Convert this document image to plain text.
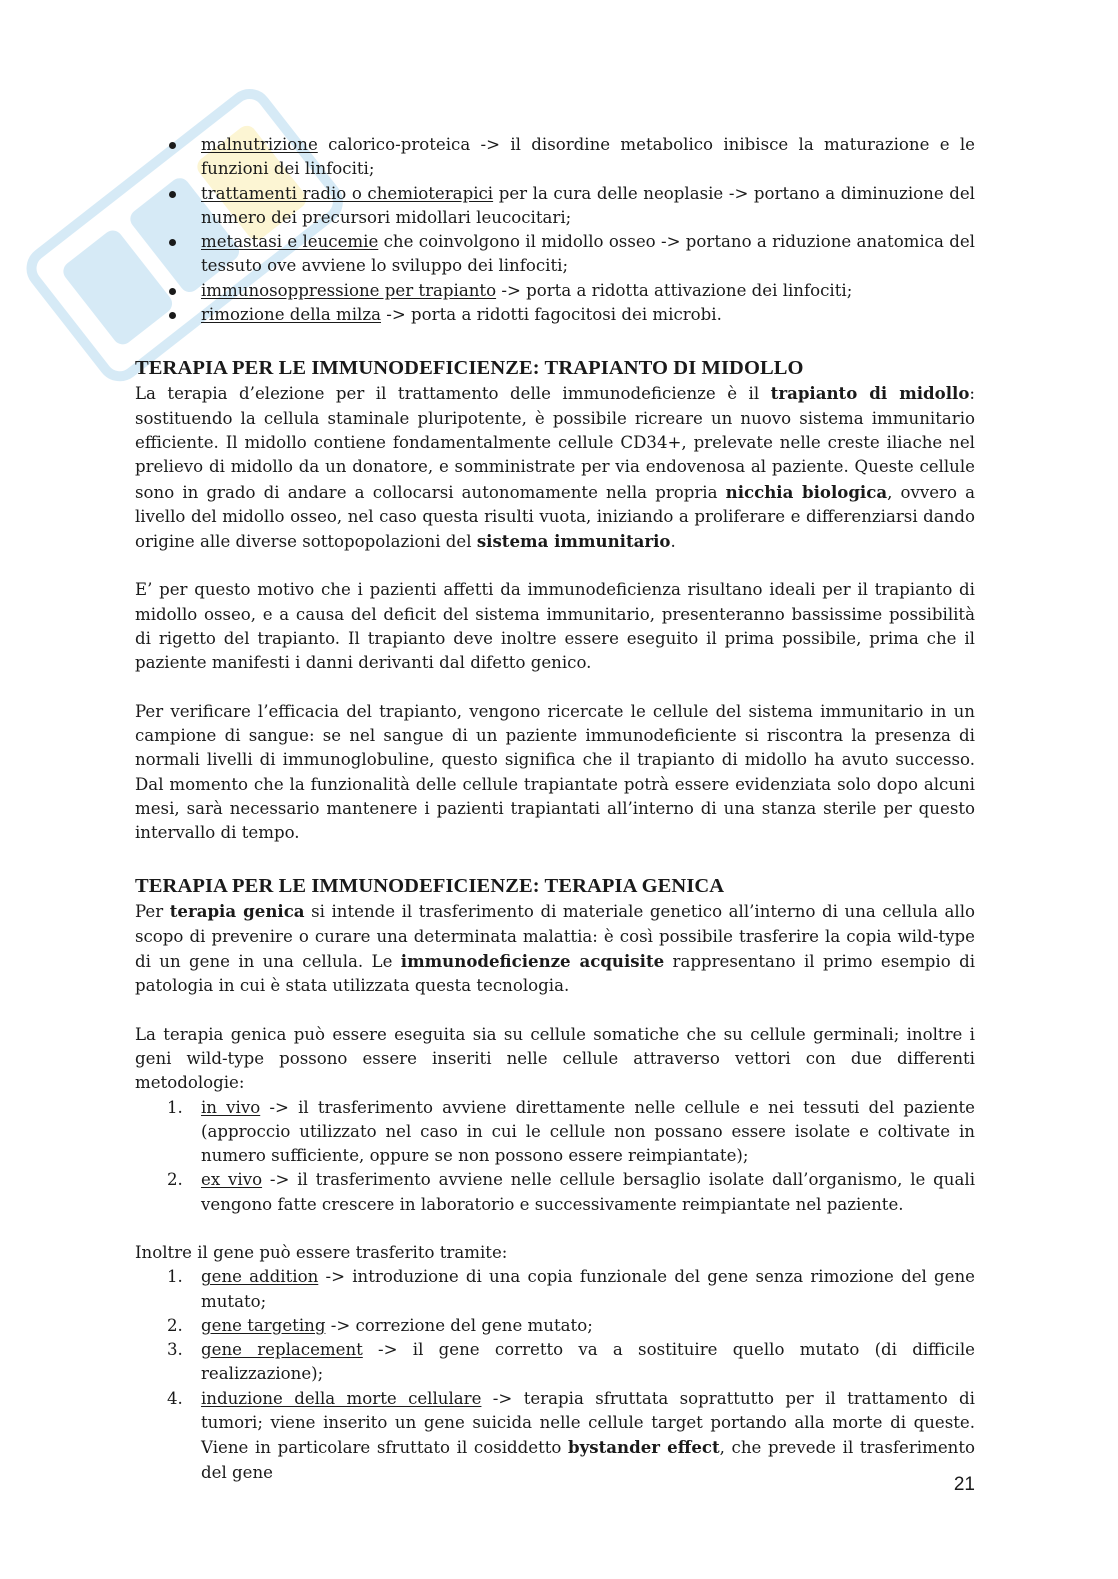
malnutrizione calorico-proteica -> il disordine metabolico inibisce la maturazione e le funzioni dei linfociti;
trattamenti radio o chemioterapici per la cura delle neoplasie -> portano a diminuzione del numero dei precursori midollari leucocitari;
metastasi e leucemie che coinvolgono il midollo osseo -> portano a riduzione anatomica del tessuto ove avviene lo sviluppo dei linfociti;
immunosoppressione per trapianto -> porta a ridotta attivazione dei linfociti;
rimozione della milza -> porta a ridotti fagocitosi dei microbi.
TERAPIA PER LE IMMUNODEFICIENZE: TRAPIANTO DI MIDOLLO

La terapia d’elezione per il trattamento delle immunodeficienze è il trapianto di midollo: sostituendo la cellula staminale pluripotente, è possibile ricreare un nuovo sistema immunitario efficiente. Il midollo contiene fondamentalmente cellule CD34+, prelevate nelle creste iliache nel prelievo di midollo da un donatore, e somministrate per via endovenosa al paziente. Queste cellule sono in grado di andare a collocarsi autonomamente nella propria nicchia biologica, ovvero a livello del midollo osseo, nel caso questa risulti vuota, iniziando a proliferare e differenziarsi dando origine alle diverse sottopopolazioni del sistema immunitario.

E’ per questo motivo che i pazienti affetti da immunodeficienza risultano ideali per il trapianto di midollo osseo, e a causa del deficit del sistema immunitario, presenteranno bassissime possibilità di rigetto del trapianto. Il trapianto deve inoltre essere eseguito il prima possibile, prima che il paziente manifesti i danni derivanti dal difetto genico.

Per verificare l’efficacia del trapianto, vengono ricercate le cellule del sistema immunitario in un campione di sangue: se nel sangue di un paziente immunodeficiente si riscontra la presenza di normali livelli di immunoglobuline, questo significa che il trapianto di midollo ha avuto successo. Dal momento che la funzionalità delle cellule trapiantate potrà essere evidenziata solo dopo alcuni mesi, sarà necessario mantenere i pazienti trapiantati all’interno di una stanza sterile per questo intervallo di tempo.

TERAPIA PER LE IMMUNODEFICIENZE: TERAPIA GENICA

Per terapia genica si intende il trasferimento di materiale genetico all’interno di una cellula allo scopo di prevenire o curare una determinata malattia: è così possibile trasferire la copia wild-type di un gene in una cellula. Le immunodeficienze acquisite rappresentano il primo esempio di patologia in cui è stata utilizzata questa tecnologia.

La terapia genica può essere eseguita sia su cellule somatiche che su cellule germinali; inoltre i geni wild-type possono essere inseriti nelle cellule attraverso vettori con due differenti metodologie:

1. in vivo -> il trasferimento avviene direttamente nelle cellule e nei tessuti del paziente (approccio utilizzato nel caso in cui le cellule non possano essere isolate e coltivate in numero sufficiente, oppure se non possono essere reimpiantate);
2. ex vivo -> il trasferimento avviene nelle cellule bersaglio isolate dall’organismo, le quali vengono fatte crescere in laboratorio e successivamente reimpiantate nel paziente.

Inoltre il gene può essere trasferito tramite:

1. gene addition -> introduzione di una copia funzionale del gene senza rimozione del gene mutato;
2. gene targeting -> correzione del gene mutato;
3. gene replacement -> il gene corretto va a sostituire quello mutato (di difficile realizzazione);
4. induzione della morte cellulare -> terapia sfruttata soprattutto per il trattamento di tumori; viene inserito un gene suicida nelle cellule target portando alla morte di queste. Viene in particolare sfruttato il cosiddetto bystander effect, che prevede il trasferimento del gene
21
